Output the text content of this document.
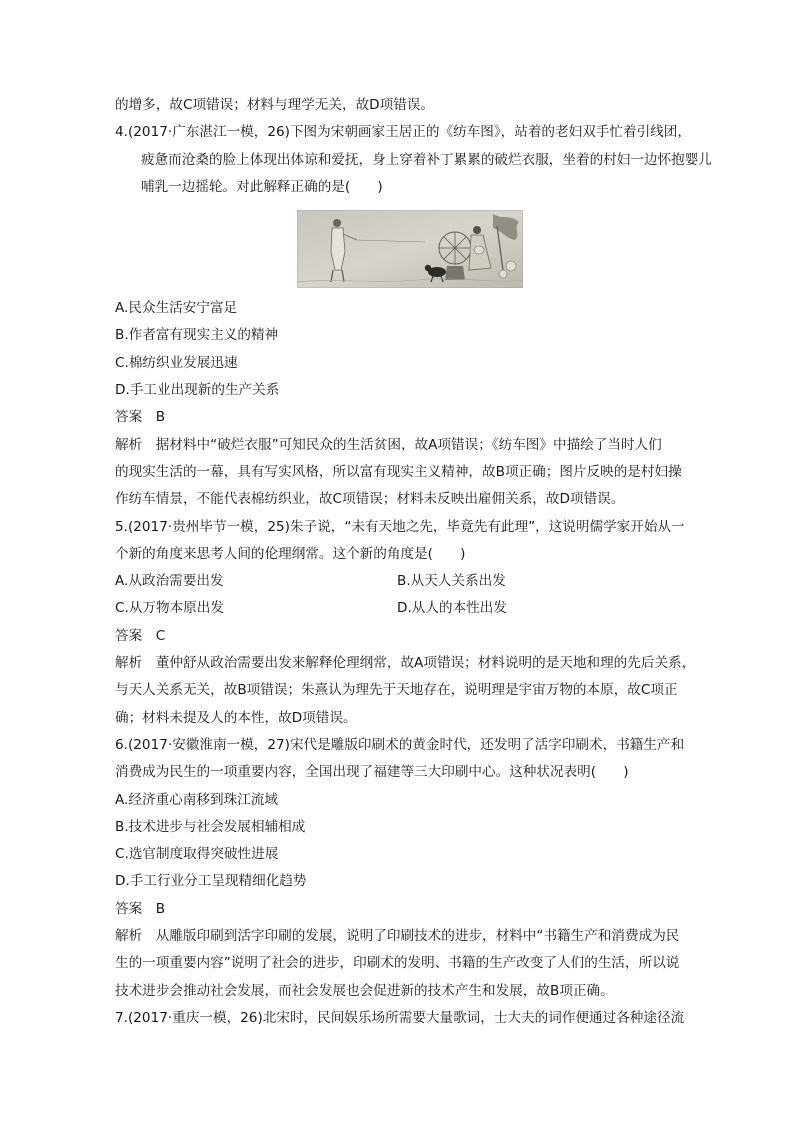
的增多，故C项错误；材料与理学无关，故D项错误。
4.(2017·广东湛江一模，26)下图为宋朝画家王居正的《纺车图》，站着的老妇双手忙着引线团，
疲惫而沧桑的脸上体现出体谅和爱抚，身上穿着补丁累累的破烂衣服，坐着的村妇一边怀抱婴儿
哺乳一边摇轮。对此解释正确的是(　　)
A.民众生活安宁富足
B.作者富有现实主义的精神
C.棉纺织业发展迅速
D.手工业出现新的生产关系
答案　B
解析　据材料中“破烂衣服”可知民众的生活贫困，故A项错误；《纺车图》中描绘了当时人们
的现实生活的一幕，具有写实风格，所以富有现实主义精神，故B项正确；图片反映的是村妇操
作纺车情景，不能代表棉纺织业，故C项错误；材料未反映出雇佣关系，故D项错误。
5.(2017·贵州毕节一模，25)朱子说，“未有天地之先，毕竟先有此理”，这说明儒学家开始从一
个新的角度来思考人间的伦理纲常。这个新的角度是(　　)
A.从政治需要出发	B.从天人关系出发
C.从万物本原出发	D.从人的本性出发
答案　C
解析　董仲舒从政治需要出发来解释伦理纲常，故A项错误；材料说明的是天地和理的先后关系，
与天人关系无关，故B项错误；朱熹认为理先于天地存在，说明理是宇宙万物的本原，故C项正
确；材料未提及人的本性，故D项错误。
6.(2017·安徽淮南一模，27)宋代是雕版印刷术的黄金时代，还发明了活字印刷术，书籍生产和
消费成为民生的一项重要内容，全国出现了福建等三大印刷中心。这种状况表明(　　)
A.经济重心南移到珠江流域
B.技术进步与社会发展相辅相成
C.选官制度取得突破性进展
D.手工行业分工呈现精细化趋势
答案　B
解析　从雕版印刷到活字印刷的发展，说明了印刷技术的进步，材料中“书籍生产和消费成为民
生的一项重要内容”说明了社会的进步，印刷术的发明、书籍的生产改变了人们的生活，所以说
技术进步会推动社会发展，而社会发展也会促进新的技术产生和发展，故B项正确。
7.(2017·重庆一模，26)北宋时，民间娱乐场所需要大量歌词，士大夫的词作便通过各种途径流
